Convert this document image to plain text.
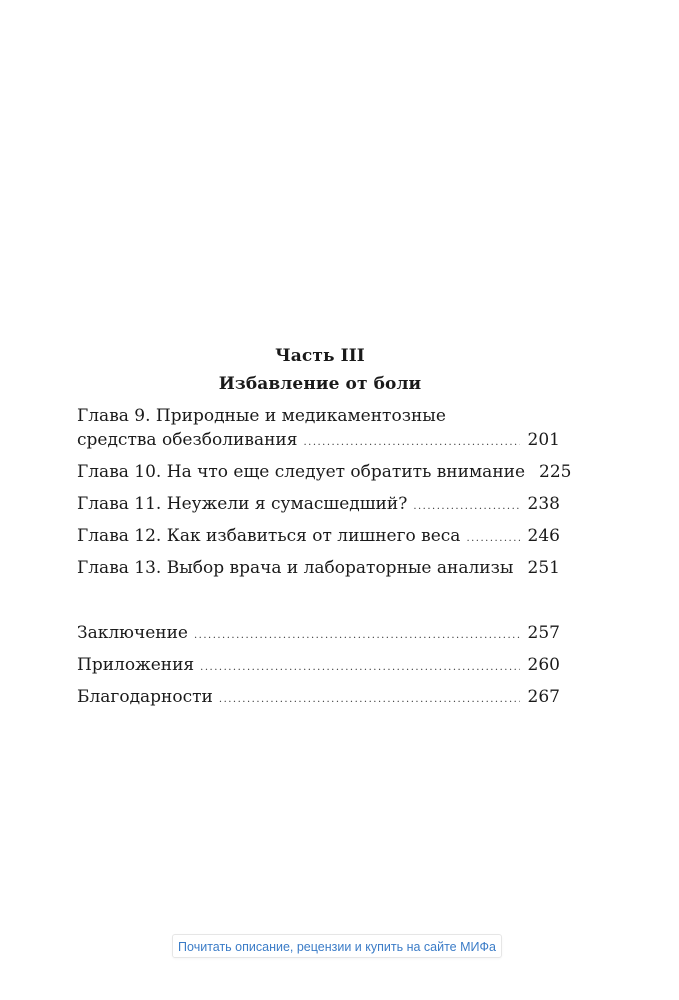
Часть III
Избавление от боли
Глава 9. Природные и медикаментозные
средства обезболивания .....	201
Глава 10. На что еще следует обратить внимание 225
Глава 11. Неужели я сумасшедший? .....	238
Глава 12. Как избавиться от лишнего веса .....	246
Глава 13. Выбор врача и лабораторные анализы ..... 251
Заключение .....	257
Приложения .....	260
Благодарности .....	267
Почитать описание, рецензии и купить на сайте МИФа
